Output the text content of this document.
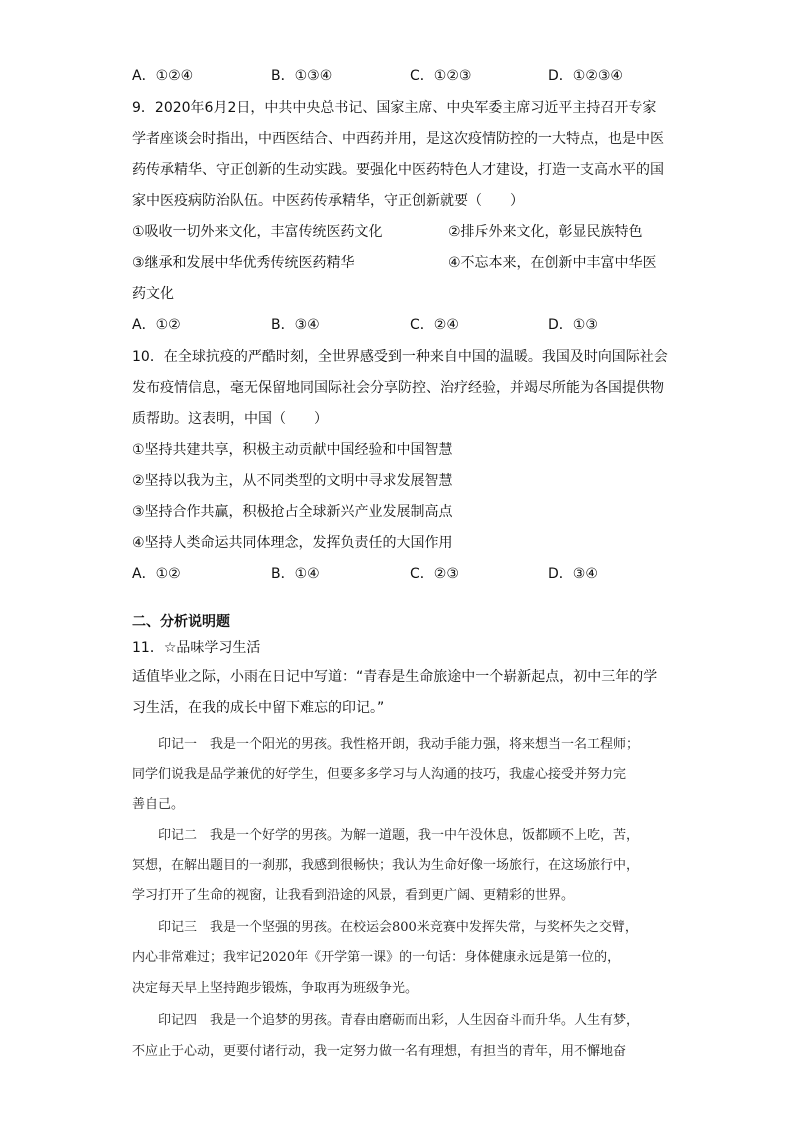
A．①②④	B．①③④	C．①②③	D．①②③④
9．2020年6月2日，中共中央总书记、国家主席、中央军委主席习近平主持召开专家
学者座谈会时指出，中西医结合、中西药并用，是这次疫情防控的一大特点，也是中医
药传承精华、守正创新的生动实践。要强化中医药特色人才建设，打造一支高水平的国
家中医疫病防治队伍。中医药传承精华，守正创新就要（　　）
①吸收一切外来文化，丰富传统医药文化	②排斥外来文化，彰显民族特色
③继承和发展中华优秀传统医药精华	④不忘本来，在创新中丰富中华医
药文化
A．①②	B．③④	C．②④	D．①③
10．在全球抗疫的严酷时刻，全世界感受到一种来自中国的温暖。我国及时向国际社会
发布疫情信息，毫无保留地同国际社会分享防控、治疗经验，并竭尽所能为各国提供物
质帮助。这表明，中国（　　）
①坚持共建共享，积极主动贡献中国经验和中国智慧
②坚持以我为主，从不同类型的文明中寻求发展智慧
③坚持合作共赢，积极抢占全球新兴产业发展制高点
④坚持人类命运共同体理念，发挥负责任的大国作用
A．①②	B．①④	C．②③	D．③④
二、分析说明题
11．☆品味学习生活
适值毕业之际，小雨在日记中写道：“青春是生命旅途中一个崭新起点，初中三年的学
习生活，在我的成长中留下难忘的印记。”
　　印记一　我是一个阳光的男孩。我性格开朗，我动手能力强，将来想当一名工程师；
同学们说我是品学兼优的好学生，但要多多学习与人沟通的技巧，我虚心接受并努力完
善自己。
　　印记二　我是一个好学的男孩。为解一道题，我一中午没休息，饭都顾不上吃，苦，
冥想，在解出题目的一刹那，我感到很畅快；我认为生命好像一场旅行，在这场旅行中，
学习打开了生命的视窗，让我看到沿途的风景，看到更广阔、更精彩的世界。
　　印记三　我是一个坚强的男孩。在校运会800米竞赛中发挥失常，与奖杯失之交臂，
内心非常难过；我牢记2020年《开学第一课》的一句话：身体健康永远是第一位的，
决定每天早上坚持跑步锻炼，争取再为班级争光。
　　印记四　我是一个追梦的男孩。青春由磨砺而出彩，人生因奋斗而升华。人生有梦，
不应止于心动，更要付诸行动，我一定努力做一名有理想，有担当的青年，用不懈地奋
